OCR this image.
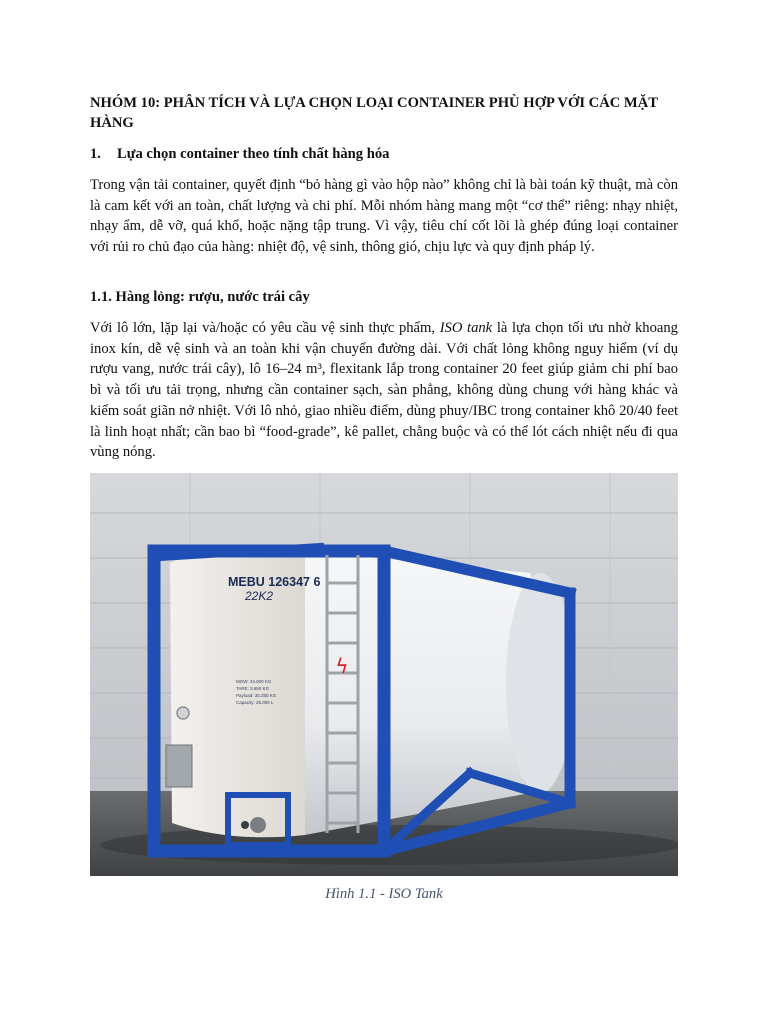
NHÓM 10: PHÂN TÍCH VÀ LỰA CHỌN LOẠI CONTAINER PHÙ HỢP VỚI CÁC MẶT HÀNG
1. Lựa chọn container theo tính chất hàng hóa
Trong vận tải container, quyết định “bỏ hàng gì vào hộp nào” không chỉ là bài toán kỹ thuật, mà còn là cam kết với an toàn, chất lượng và chi phí. Mỗi nhóm hàng mang một “cơ thể” riêng: nhạy nhiệt, nhạy ẩm, dễ vỡ, quá khổ, hoặc nặng tập trung. Vì vậy, tiêu chí cốt lõi là ghép đúng loại container với rủi ro chủ đạo của hàng: nhiệt độ, vệ sinh, thông gió, chịu lực và quy định pháp lý.
1.1. Hàng lỏng: rượu, nước trái cây
Với lô lớn, lặp lại và/hoặc có yêu cầu vệ sinh thực phẩm, ISO tank là lựa chọn tối ưu nhờ khoang inox kín, dễ vệ sinh và an toàn khi vận chuyển đường dài. Với chất lỏng không nguy hiểm (ví dụ rượu vang, nước trái cây), lô 16–24 m³, flexitank lắp trong container 20 feet giúp giảm chi phí bao bì và tối ưu tải trọng, nhưng cần container sạch, sàn phẳng, không dùng chung với hàng khác và kiểm soát giãn nở nhiệt. Với lô nhỏ, giao nhiều điểm, dùng phuy/IBC trong container khô 20/40 feet là linh hoạt nhất; cần bao bì “food-grade”, kê pallet, chằng buộc và có thể lót cách nhiệt nếu đi qua vùng nóng.
ϟ
MEBU 126347 6
22K2
MGW: 34.000 KG
TARE: 3.650 KG
Payload: 30.350 KG
Capacity: 25.000 L
Hình 1.1 - ISO Tank
